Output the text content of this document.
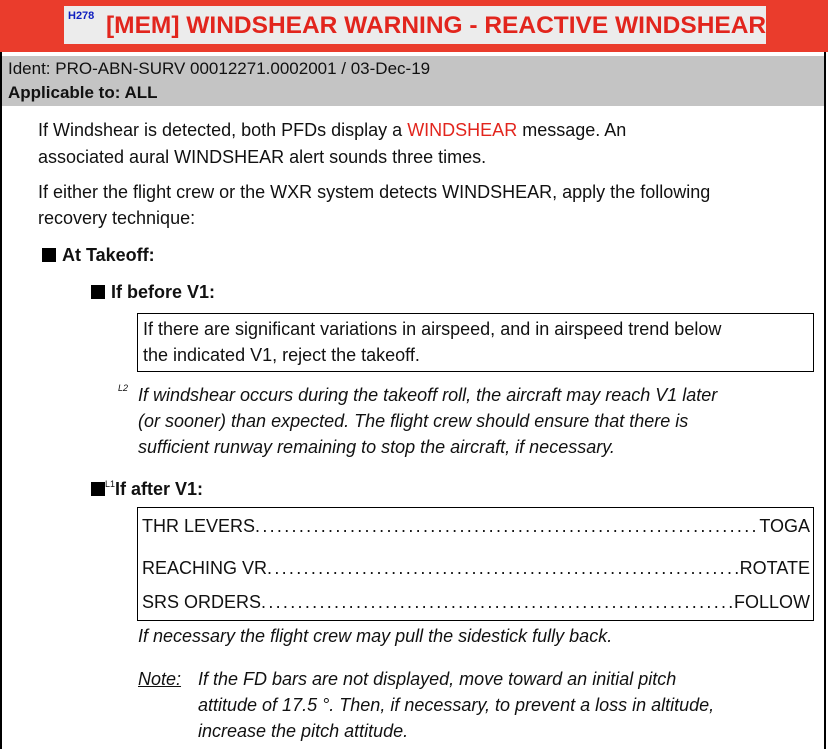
H278 [MEM] WINDSHEAR WARNING - REACTIVE WINDSHEAR
Ident: PRO-ABN-SURV 00012271.0002001 / 03-Dec-19
Applicable to: ALL
If Windshear is detected, both PFDs display a WINDSHEAR message. An
associated aural WINDSHEAR alert sounds three times.
If either the flight crew or the WXR system detects WINDSHEAR, apply the following
recovery technique:
At Takeoff:
If before V1:
If there are significant variations in airspeed, and in airspeed trend below
the indicated V1, reject the takeoff.
L2 If windshear occurs during the takeoff roll, the aircraft may reach V1 later
(or sooner) than expected. The flight crew should ensure that there is
sufficient runway remaining to stop the aircraft, if necessary.
$^{L1}$If after V1:
THR LEVERS .....	TOGA
REACHING VR .....	ROTATE
SRS ORDERS .....	FOLLOW
If necessary the flight crew may pull the sidestick fully back.
Note: If the FD bars are not displayed, move toward an initial pitch
attitude of 17.5 °. Then, if necessary, to prevent a loss in altitude,
increase the pitch attitude.
